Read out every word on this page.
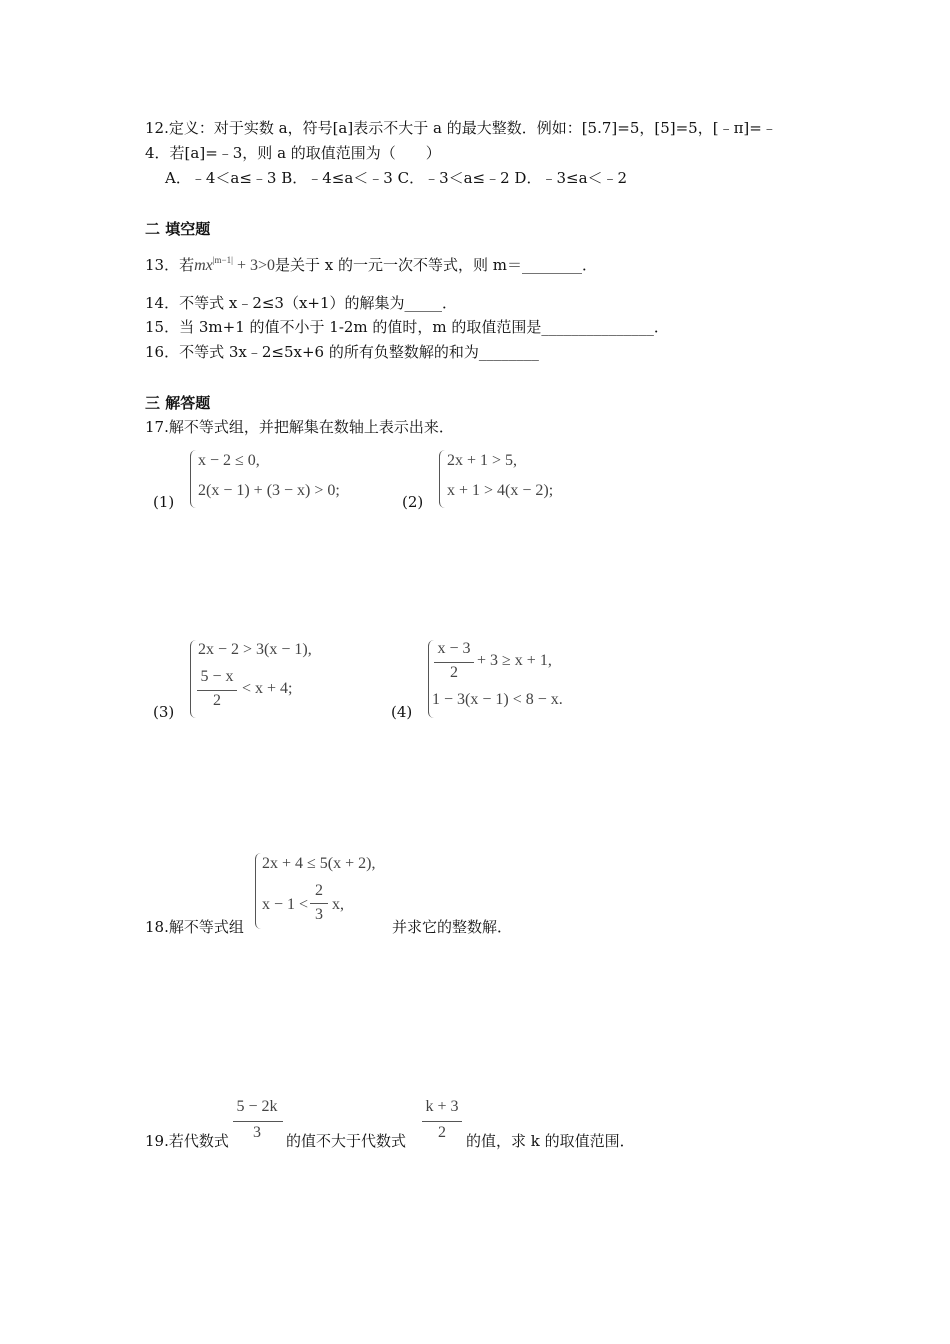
12.定义：对于实数 a，符号[a]表示不大于 a 的最大整数．例如：[5.7]=5，[5]=5，[﹣π]=﹣
4．若[a]=﹣3，则 a 的取值范围为（　　）
A．﹣4＜a≤﹣3 B．﹣4≤a＜﹣3 C．﹣3＜a≤﹣2 D．﹣3≤a＜﹣2
二 填空题
13．若$mx^{|m-1|} + 3>0$是关于 x 的一元一次不等式，则 m＝________．
14．不等式 x﹣2≤3（x+1）的解集为_____．
15．当 3m+1 的值不小于 1-2m 的值时，m 的取值范围是_______________．
16．不等式 3x﹣2≤5x+6 的所有负整数解的和为________
三 解答题
17.解不等式组，并把解集在数轴上表示出来．
(1)
x − 2 ≤ 0,
2(x − 1) + (3 − x) > 0;
(2)
2x + 1 > 5,
x + 1 > 4(x − 2);
(3)
2x − 2 > 3(x − 1),
5 − x
2
< x + 4;
(4)
x − 3
2
+ 3 ≥ x + 1,
1 − 3(x − 1) < 8 − x.
18.解不等式组
2x + 4 ≤ 5(x + 2),
x − 1 <
2
3
x,
并求它的整数解．
19.若代数式
5 − 2k
3	的值不大于代数式
k + 3
2	的值，求 k 的取值范围．
